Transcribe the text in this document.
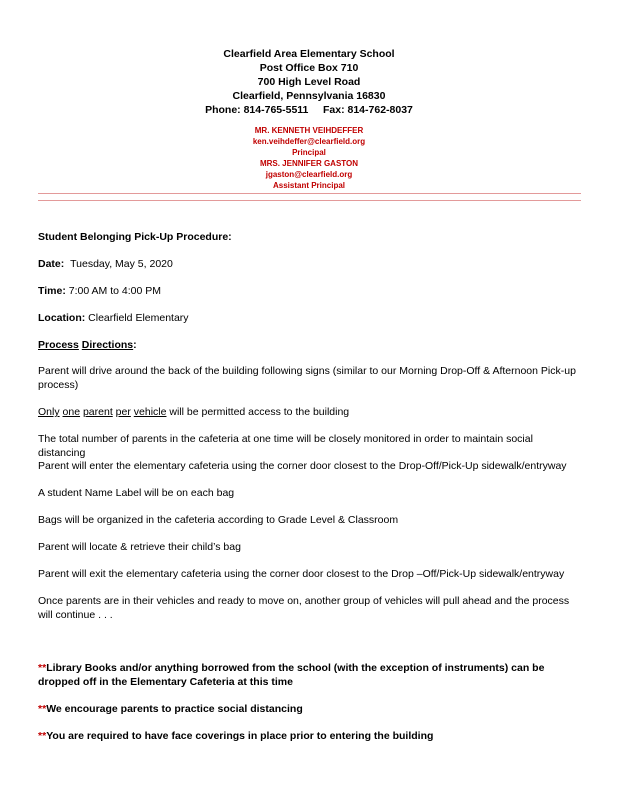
Clearfield Area Elementary School
Post Office Box 710
700 High Level Road
Clearfield, Pennsylvania 16830
Phone: 814-765-5511 Fax: 814-762-8037
MR. KENNETH VEIHDEFFER
ken.veihdeffer@clearfield.org
Principal
MRS. JENNIFER GASTON
jgaston@clearfield.org
Assistant Principal
Student Belonging Pick-Up Procedure:
Date: Tuesday, May 5, 2020
Time: 7:00 AM to 4:00 PM
Location: Clearfield Elementary
Process Directions:
Parent will drive around the back of the building following signs (similar to our Morning Drop-Off & Afternoon Pick-up process)
Only one parent per vehicle will be permitted access to the building
The total number of parents in the cafeteria at one time will be closely monitored in order to maintain social distancing
Parent will enter the elementary cafeteria using the corner door closest to the Drop-Off/Pick-Up sidewalk/entryway
A student Name Label will be on each bag
Bags will be organized in the cafeteria according to Grade Level & Classroom
Parent will locate & retrieve their child’s bag
Parent will exit the elementary cafeteria using the corner door closest to the Drop –Off/Pick-Up sidewalk/entryway
Once parents are in their vehicles and ready to move on, another group of vehicles will pull ahead and the process will continue . . .
**Library Books and/or anything borrowed from the school (with the exception of instruments) can be dropped off in the Elementary Cafeteria at this time
**We encourage parents to practice social distancing
**You are required to have face coverings in place prior to entering the building
